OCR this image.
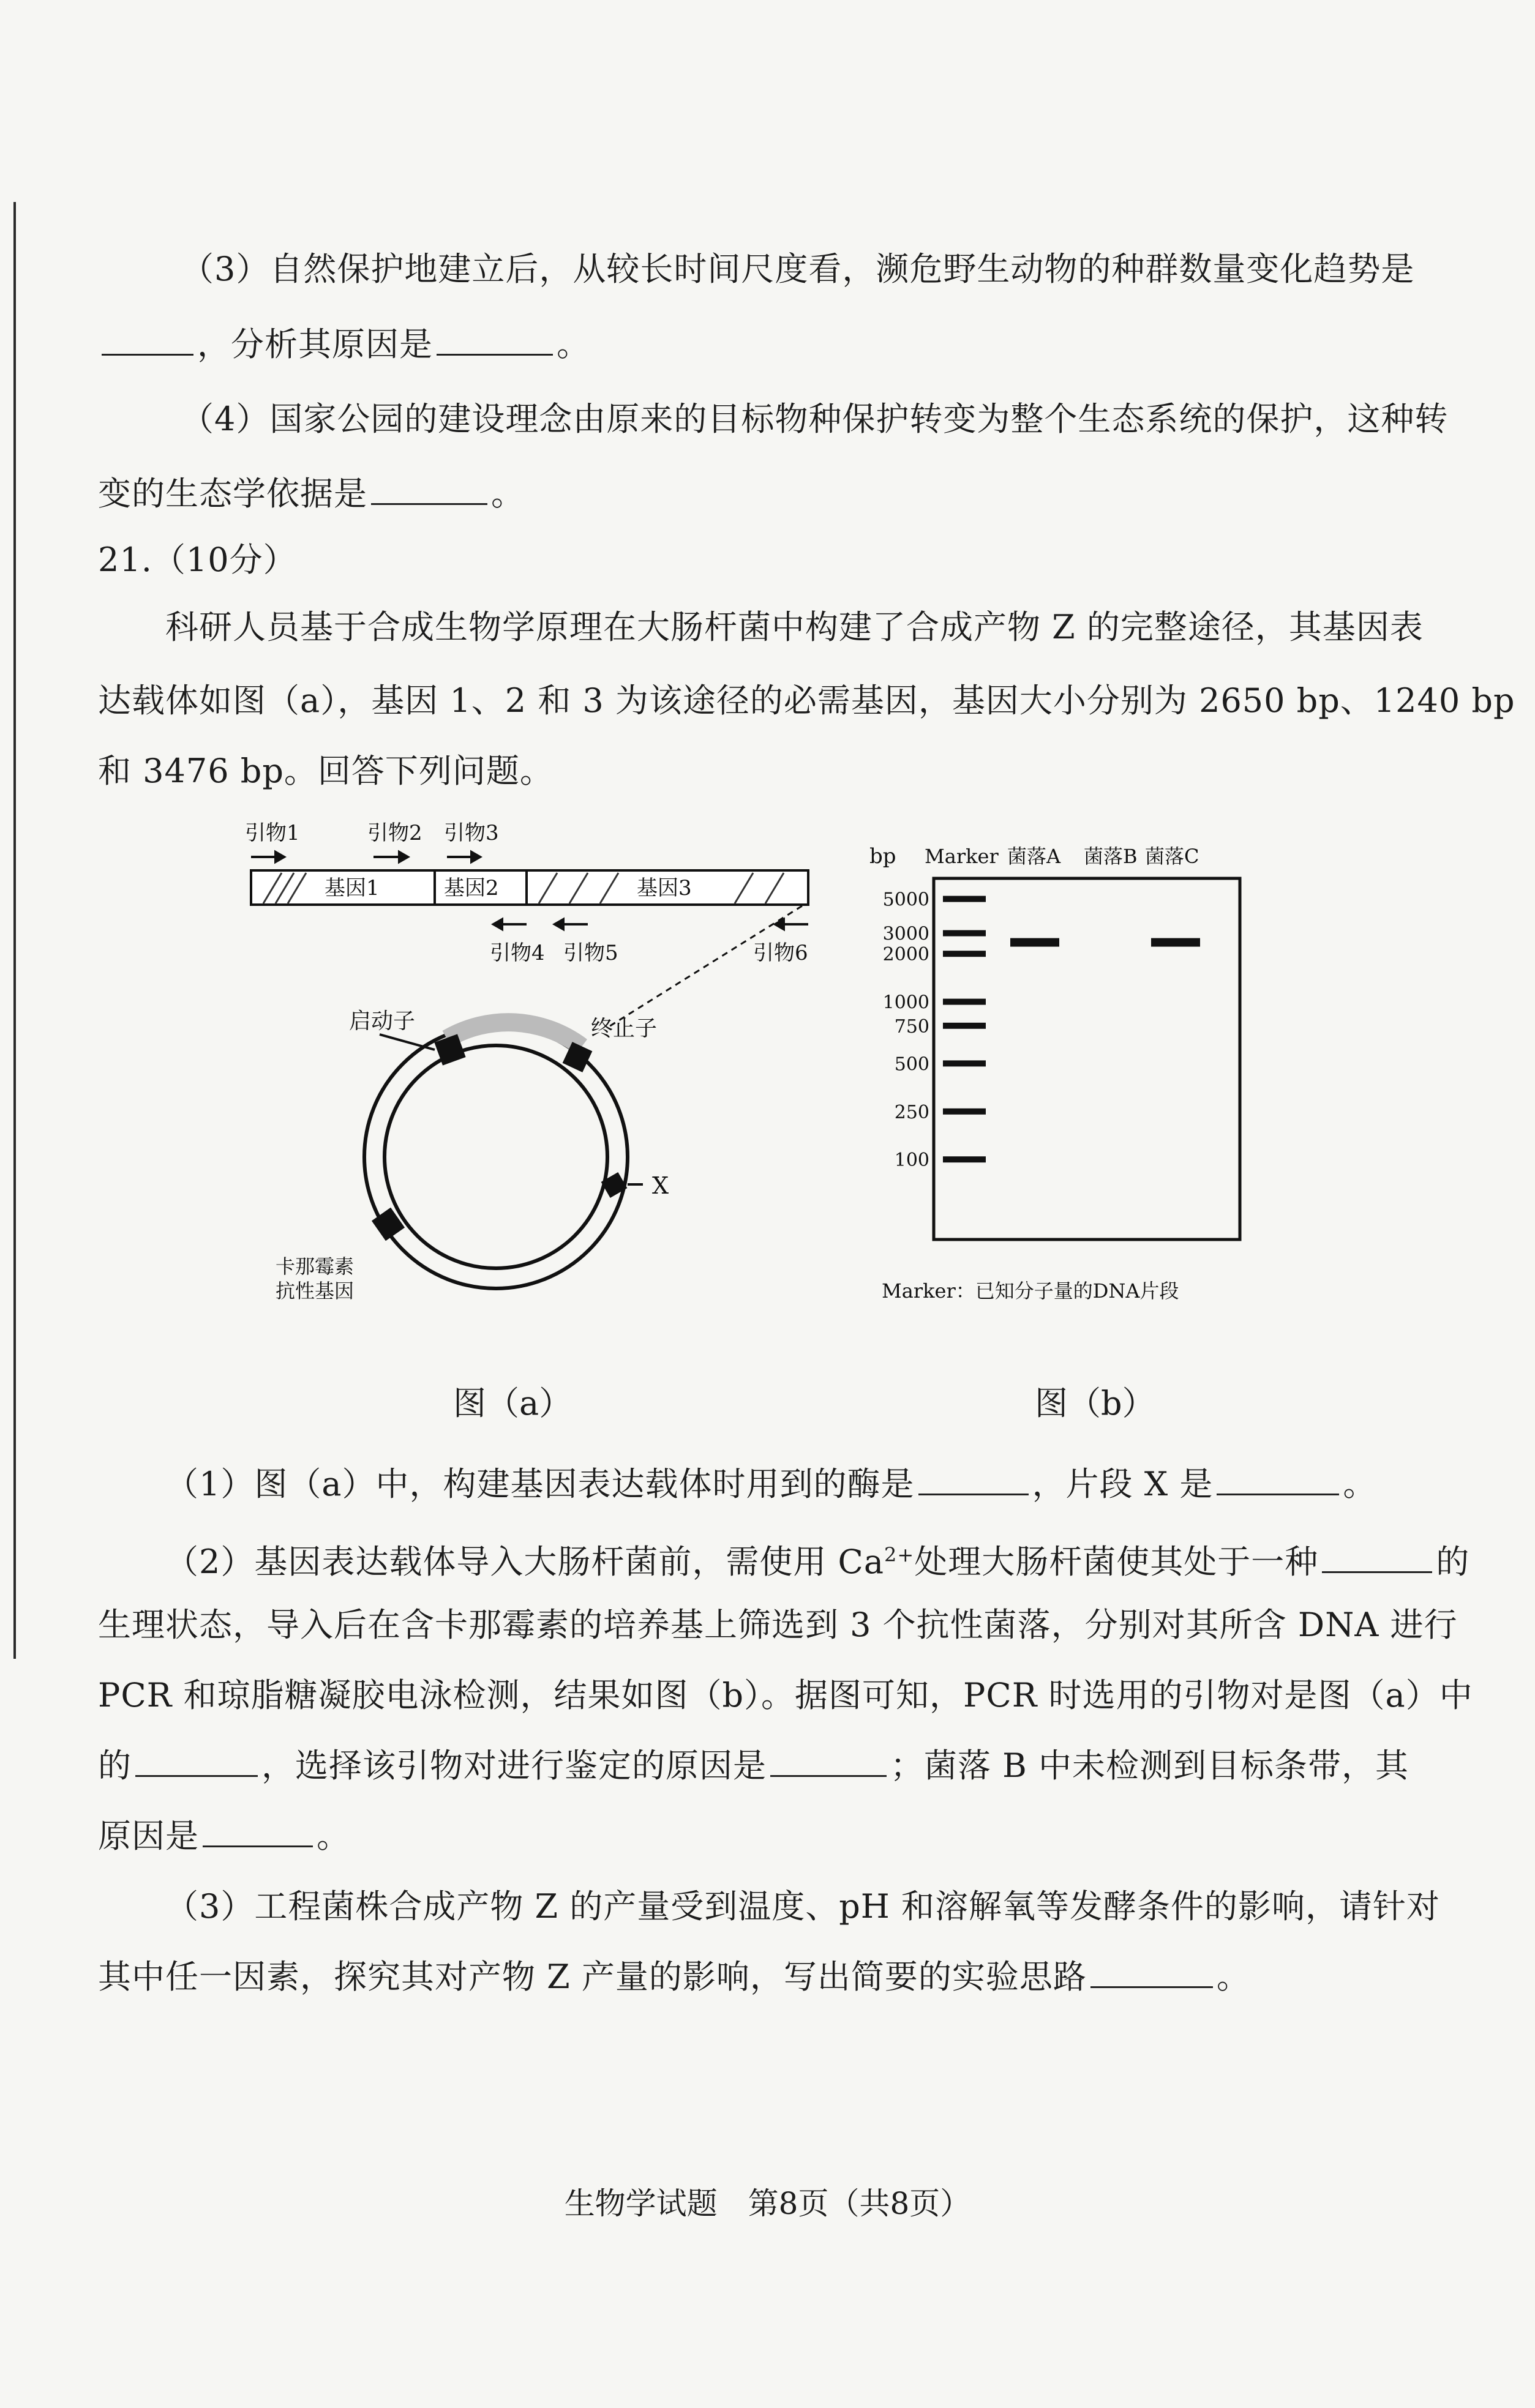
（3）自然保护地建立后，从较长时间尺度看，濒危野生动物的种群数量变化趋势是
，分析其原因是	。
（4）国家公园的建设理念由原来的目标物种保护转变为整个生态系统的保护，这种转
变的生态学依据是	。
21.（10分）
科研人员基于合成生物学原理在大肠杆菌中构建了合成产物 Z 的完整途径，其基因表
达载体如图（a），基因 1、2 和 3 为该途径的必需基因，基因大小分别为 2650 bp、1240 bp
和 3476 bp。回答下列问题。
引物1	引物2 引物3
基因1	基因2	基因3
引物4 引物5	引物6
启动子	终止子
X
卡那霉素
抗性基因
图（a）
bp Marker 菌落A 菌落B 菌落C
5000
3000
2000
1000
750
500
250
100
Marker：已知分子量的DNA片段
图（b）
（1）图（a）中，构建基因表达载体时用到的酶是	，片段 X 是	。
（2）基因表达载体导入大肠杆菌前，需使用 $Ca^{2+}$处理大肠杆菌使其处于一种	的
生理状态，导入后在含卡那霉素的培养基上筛选到 3 个抗性菌落，分别对其所含 DNA 进行
PCR 和琼脂糖凝胶电泳检测，结果如图（b）。据图可知，PCR 时选用的引物对是图（a）中
的	，选择该引物对进行鉴定的原因是	；菌落 B 中未检测到目标条带，其
原因是	。
（3）工程菌株合成产物 Z 的产量受到温度、pH 和溶解氧等发酵条件的影响，请针对
其中任一因素，探究其对产物 Z 产量的影响，写出简要的实验思路	。
生物学试题　第8页（共8页）
